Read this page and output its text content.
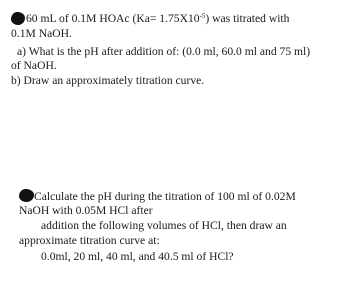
60 mL of 0.1M HOAc $(Ka= 1.75X10^{-5})$ was titrated with
0.1M NaOH.
a) What is the pH after addition of: (0.0 ml, 60.0 ml and 75 ml)
of NaOH.
b) Draw an approximately titration curve.
Calculate the pH during the titration of 100 ml of 0.02M
NaOH with 0.05M HCl after
addition the following volumes of HCl, then draw an
approximate titration curve at:
0.0ml, 20 ml, 40 ml, and 40.5 ml of HCl?
